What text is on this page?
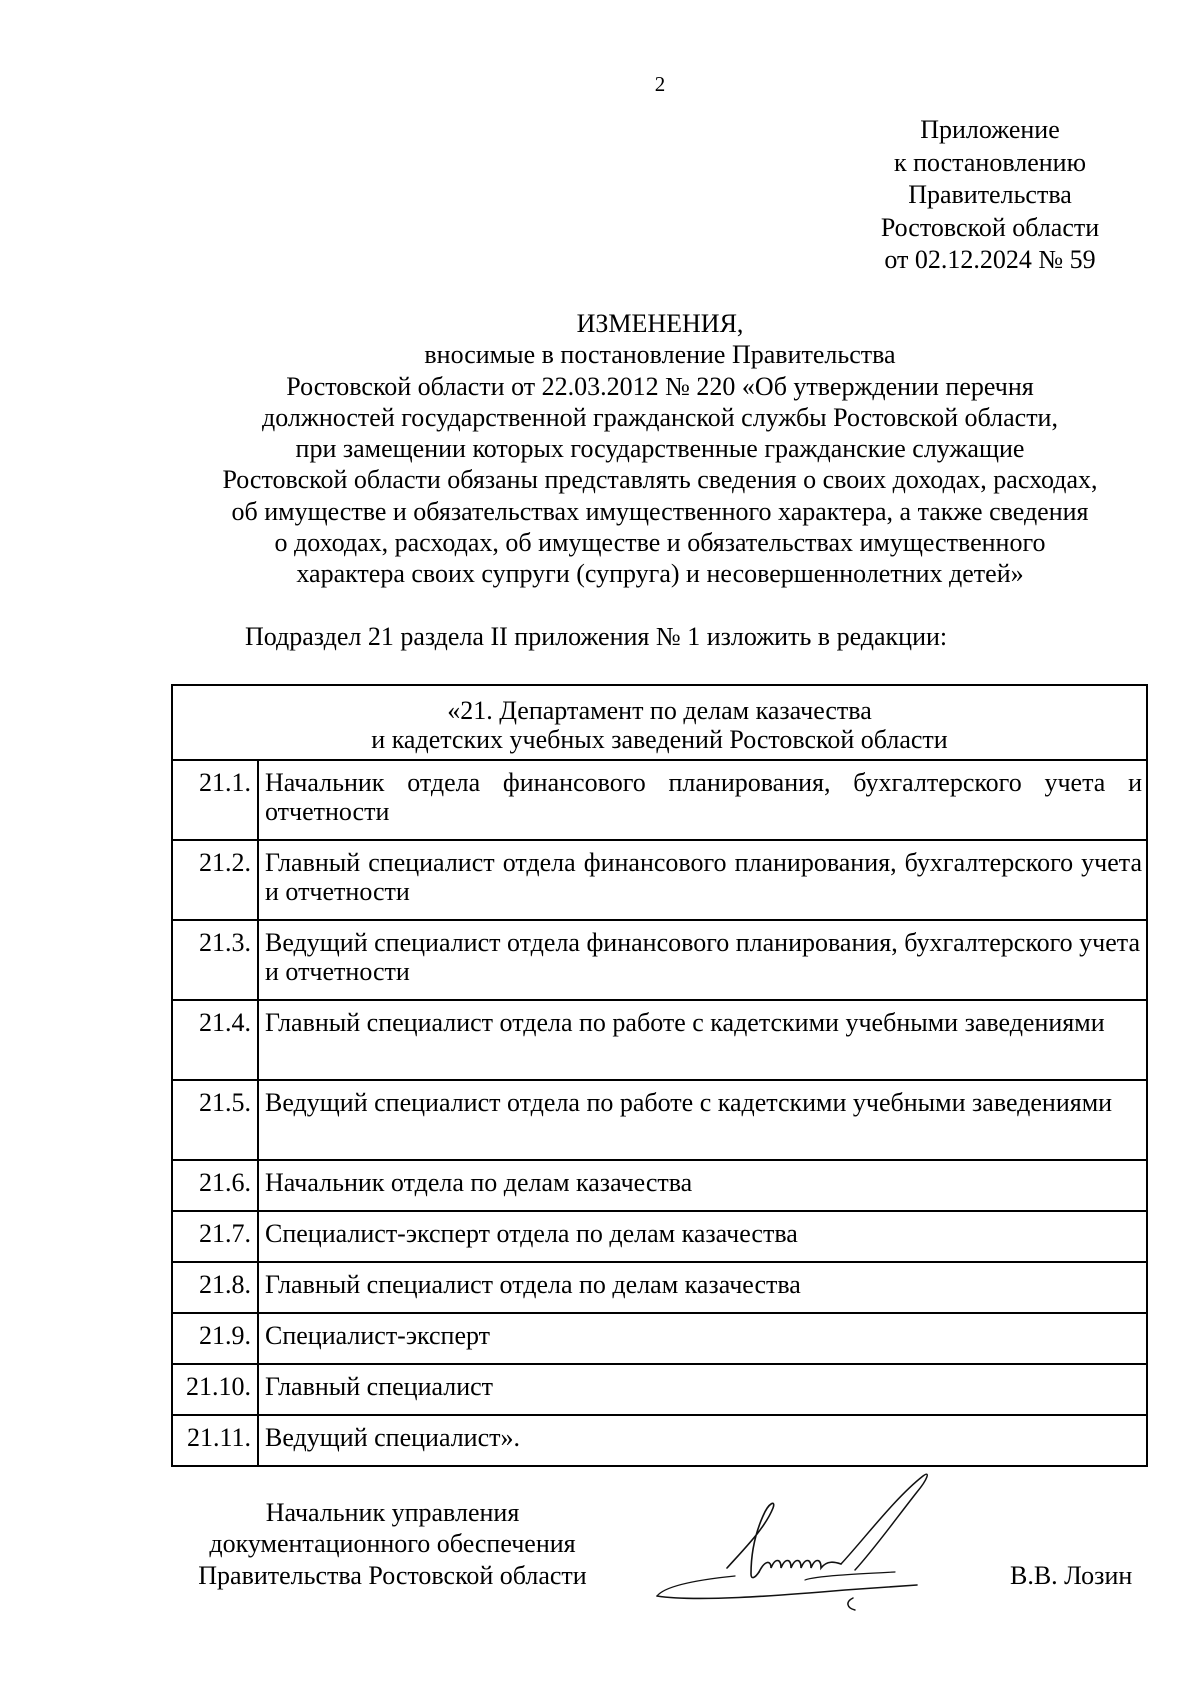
2
Приложение
к постановлению
Правительства
Ростовской области
от 02.12.2024 № 59
ИЗМЕНЕНИЯ,
вносимые в постановление Правительства
Ростовской области от 22.03.2012 № 220 «Об утверждении перечня
должностей государственной гражданской службы Ростовской области,
при замещении которых государственные гражданские служащие
Ростовской области обязаны представлять сведения о своих доходах, расходах,
об имуществе и обязательствах имущественного характера, а также сведения
о доходах, расходах, об имуществе и обязательствах имущественного
характера своих супруги (супруга) и несовершеннолетних детей»
Подраздел 21 раздела II приложения № 1 изложить в редакции:
«21. Департамент по делам казачества
и кадетских учебных заведений Ростовской области	

21.1.	Начальник отдела финансового планирования, бухгалтерского учета и отчетности
21.2.	Главный специалист отдела финансового планирования, бухгалтерского учета и отчетности
21.3.	Ведущий специалист отдела финансового планирования, бухгалтерского учета и отчетности
21.4.	Главный специалист отдела по работе с кадетскими учебными заведениями
21.5.	Ведущий специалист отдела по работе с кадетскими учебными заведениями
21.6.	Начальник отдела по делам казачества
21.7.	Специалист-эксперт отдела по делам казачества
21.8.	Главный специалист отдела по делам казачества
21.9.	Специалист-эксперт
21.10.	Главный специалист
21.11.	Ведущий специалист».
Начальник управления
документационного обеспечения
Правительства Ростовской области	В.В. Лозин
